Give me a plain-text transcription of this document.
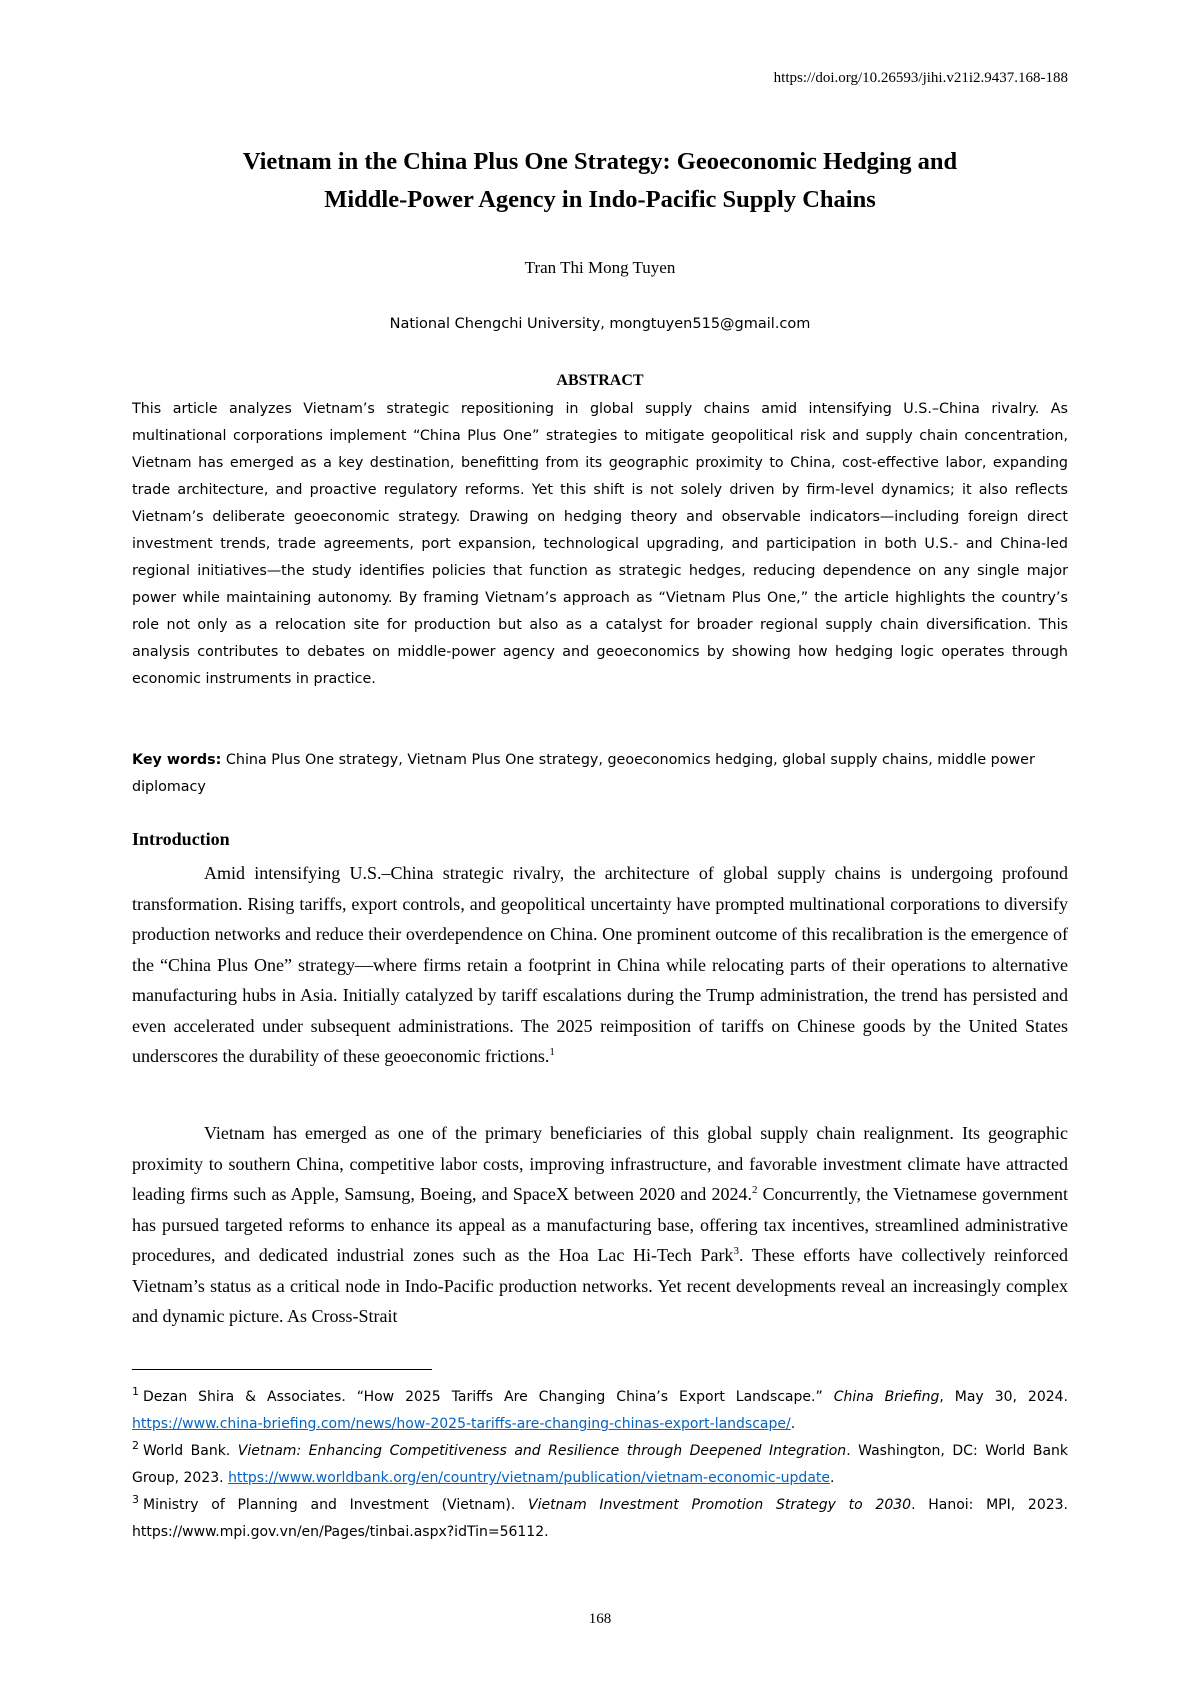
https://doi.org/10.26593/jihi.v21i2.9437.168-188
Vietnam in the China Plus One Strategy: Geoeconomic Hedging and
Middle-Power Agency in Indo-Pacific Supply Chains
Tran Thi Mong Tuyen
National Chengchi University, mongtuyen515@gmail.com
ABSTRACT

This article analyzes Vietnam’s strategic repositioning in global supply chains amid intensifying U.S.–China rivalry. As multinational corporations implement “China Plus One” strategies to mitigate geopolitical risk and supply chain concentration, Vietnam has emerged as a key destination, benefitting from its geographic proximity to China, cost-effective labor, expanding trade architecture, and proactive regulatory reforms. Yet this shift is not solely driven by firm-level dynamics; it also reflects Vietnam’s deliberate geoeconomic strategy. Drawing on hedging theory and observable indicators—including foreign direct investment trends, trade agreements, port expansion, technological upgrading, and participation in both U.S.- and China-led regional initiatives—the study identifies policies that function as strategic hedges, reducing dependence on any single major power while maintaining autonomy. By framing Vietnam’s approach as “Vietnam Plus One,” the article highlights the country’s role not only as a relocation site for production but also as a catalyst for broader regional supply chain diversification. This analysis contributes to debates on middle-power agency and geoeconomics by showing how hedging logic operates through economic instruments in practice.

Key words: China Plus One strategy, Vietnam Plus One strategy, geoeconomics hedging, global supply chains, middle power diplomacy

Introduction

Amid intensifying U.S.–China strategic rivalry, the architecture of global supply chains is undergoing profound transformation. Rising tariffs, export controls, and geopolitical uncertainty have prompted multinational corporations to diversify production networks and reduce their overdependence on China. One prominent outcome of this recalibration is the emergence of the “China Plus One” strategy—where firms retain a footprint in China while relocating parts of their operations to alternative manufacturing hubs in Asia. Initially catalyzed by tariff escalations during the Trump administration, the trend has persisted and even accelerated under subsequent administrations. The 2025 reimposition of tariffs on Chinese goods by the United States underscores the durability of these geoeconomic frictions.$^1$

Vietnam has emerged as one of the primary beneficiaries of this global supply chain realignment. Its geographic proximity to southern China, competitive labor costs, improving infrastructure, and favorable investment climate have attracted leading firms such as Apple, Samsung, Boeing, and SpaceX between 2020 and 2024.$^2$ Concurrently, the Vietnamese government has pursued targeted reforms to enhance its appeal as a manufacturing base, offering tax incentives, streamlined administrative procedures, and dedicated industrial zones such as the Hoa Lac Hi-Tech Park$^3$. These efforts have collectively reinforced Vietnam’s status as a critical node in Indo-Pacific production networks. Yet recent developments reveal an increasingly complex and dynamic picture. As Cross-Strait

$^1$ Dezan Shira & Associates. “How 2025 Tariffs Are Changing China’s Export Landscape.” China Briefing, May 30, 2024. https://www.china-briefing.com/news/how-2025-tariffs-are-changing-chinas-export-landscape/.

$^2$ World Bank. Vietnam: Enhancing Competitiveness and Resilience through Deepened Integration. Washington, DC: World Bank Group, 2023. https://www.worldbank.org/en/country/vietnam/publication/vietnam-economic-update.

$^3$ Ministry of Planning and Investment (Vietnam). Vietnam Investment Promotion Strategy to 2030. Hanoi: MPI, 2023. https://www.mpi.gov.vn/en/Pages/tinbai.aspx?idTin=56112.

168
